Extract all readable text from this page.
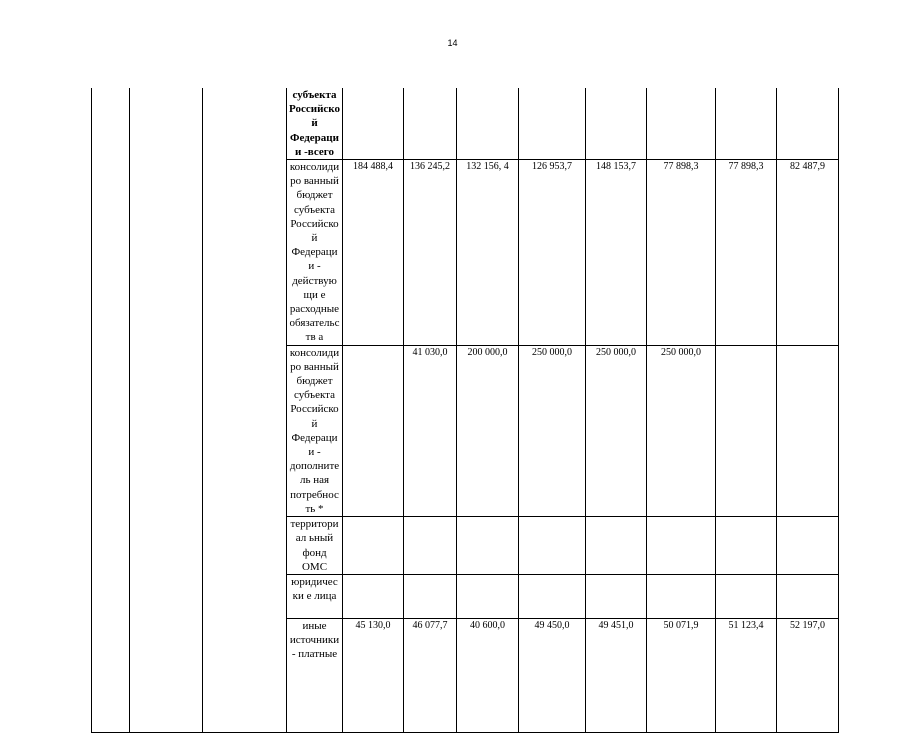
14
			субъекта Российской Федерации -всего									
			консолидиро ванный бюджет субъекта Российской Федерации - действующи е расходные обязательств а	184 488,4	136 245,2	132 156, 4	126 953,7	148 153,7	77 898,3	77 898,3	82 487,9	
			консолидиро ванный бюджет субъекта Российской Федерации - дополнитель ная потребность *		41 030,0	200 000,0	250 000,0	250 000,0	250 000,0			
			территориал ьный фонд ОМС									
			юридически е лица									
			иные источники - платные	45 130,0	46 077,7	40 600,0	49 450,0	49 451,0	50 071,9	51 123,4	52 197,0	
